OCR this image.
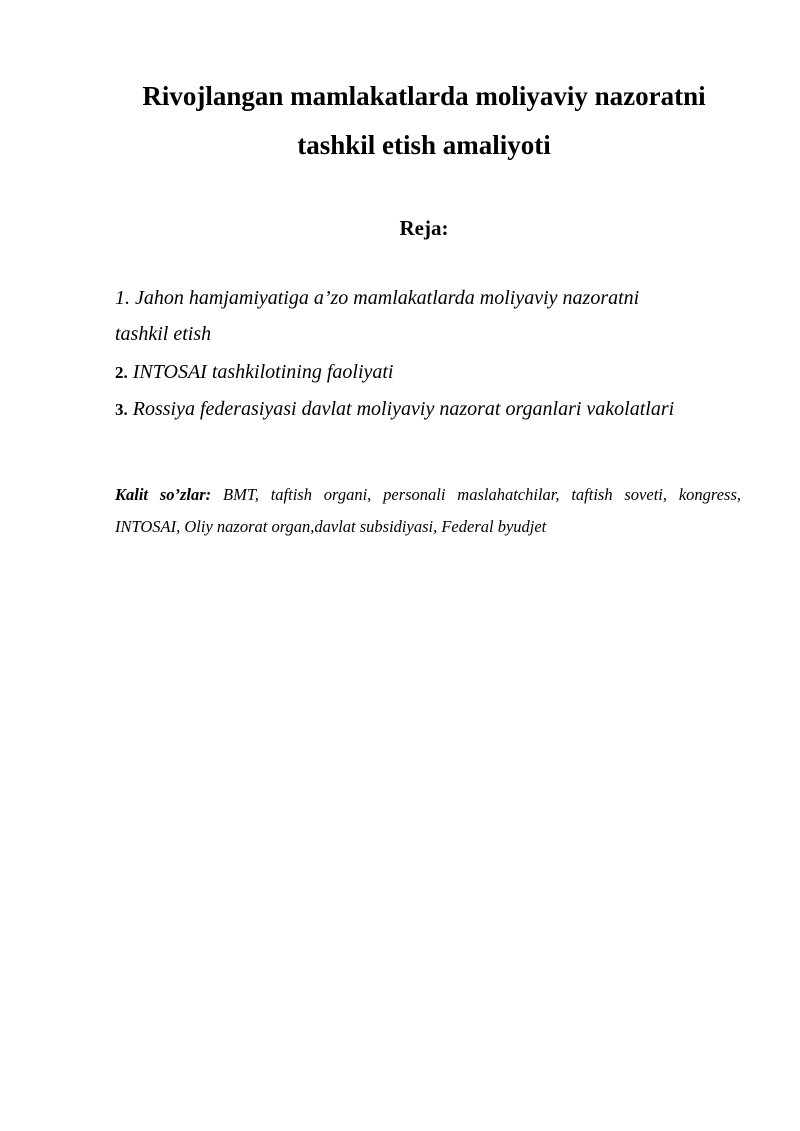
Rivojlangan mamlakatlarda moliyaviy nazoratni
tashkil etish amaliyoti
Reja:
1. Jahon hamjamiyatiga a’zo mamlakatlarda moliyaviy nazoratni
tashkil etish
2. INTOSAI tashkilotining faoliyati
3. Rossiya federasiyasi davlat moliyaviy nazorat organlari vakolatlari

Kalit so’zlar: BMT, taftish organi, personali maslahatchilar, taftish soveti, kongress, INTOSAI, Oliy nazorat organ,davlat subsidiyasi, Federal byudjet
